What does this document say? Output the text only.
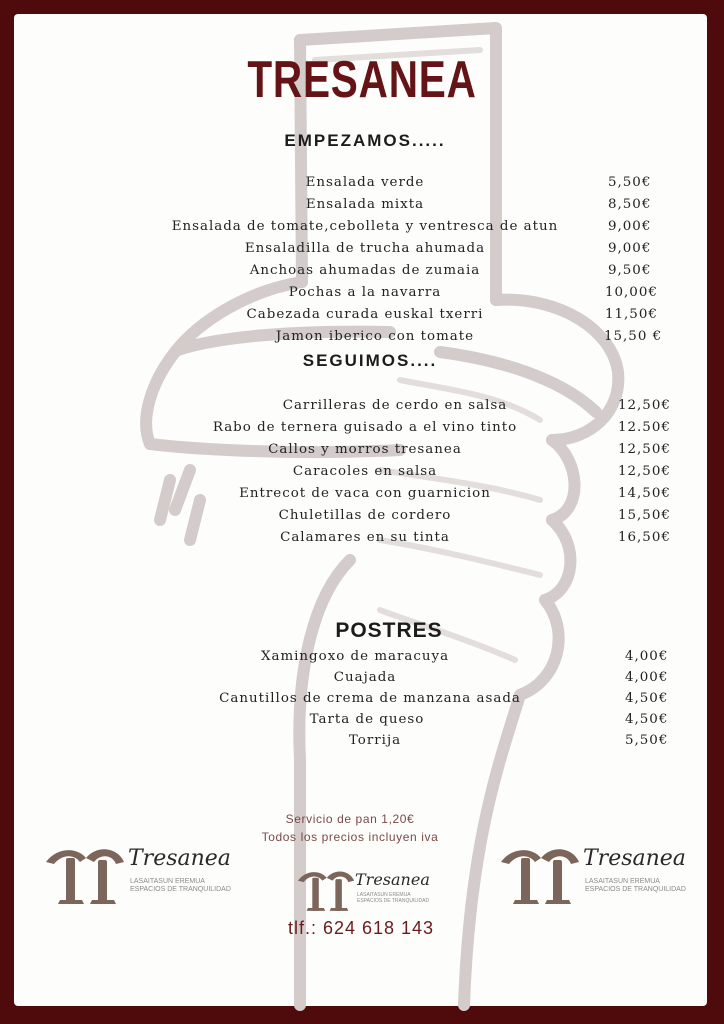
TRESANEA
EMPEZAMOS.....
Ensalada verde	5,50€
Ensalada mixta	8,50€
Ensalada de tomate,cebolleta y ventresca de atun	9,00€
Ensaladilla de trucha ahumada	9,00€
Anchoas ahumadas de zumaia	9,50€
Pochas a la navarra	10,00€
Cabezada curada euskal txerri	11,50€
Jamon iberico con tomate	15,50 €
SEGUIMOS....
Carrilleras de cerdo en salsa	12,50€
Rabo de ternera guisado a el vino tinto	12.50€
Callos y morros tresanea	12,50€
Caracoles en salsa	12,50€
Entrecot de vaca con guarnicion	14,50€
Chuletillas de cordero	15,50€
Calamares en su tinta	16,50€
POSTRES
Xamingoxo de maracuya	4,00€
Cuajada	4,00€
Canutillos de crema de manzana asada	4,50€
Tarta de queso	4,50€
Torrija	5,50€
Servicio de pan 1,20€
Todos los precios incluyen iva
Tresanea
LASAITASUN EREMUA
ESPACIOS DE TRANQUILIDAD
Tresanea
LASAITASUN EREMUA
ESPACIOS DE TRANQUILIDAD
Tresanea
LASAITASUN EREMUA
ESPACIOS DE TRANQUILIDAD
tlf.: 624 618 143
